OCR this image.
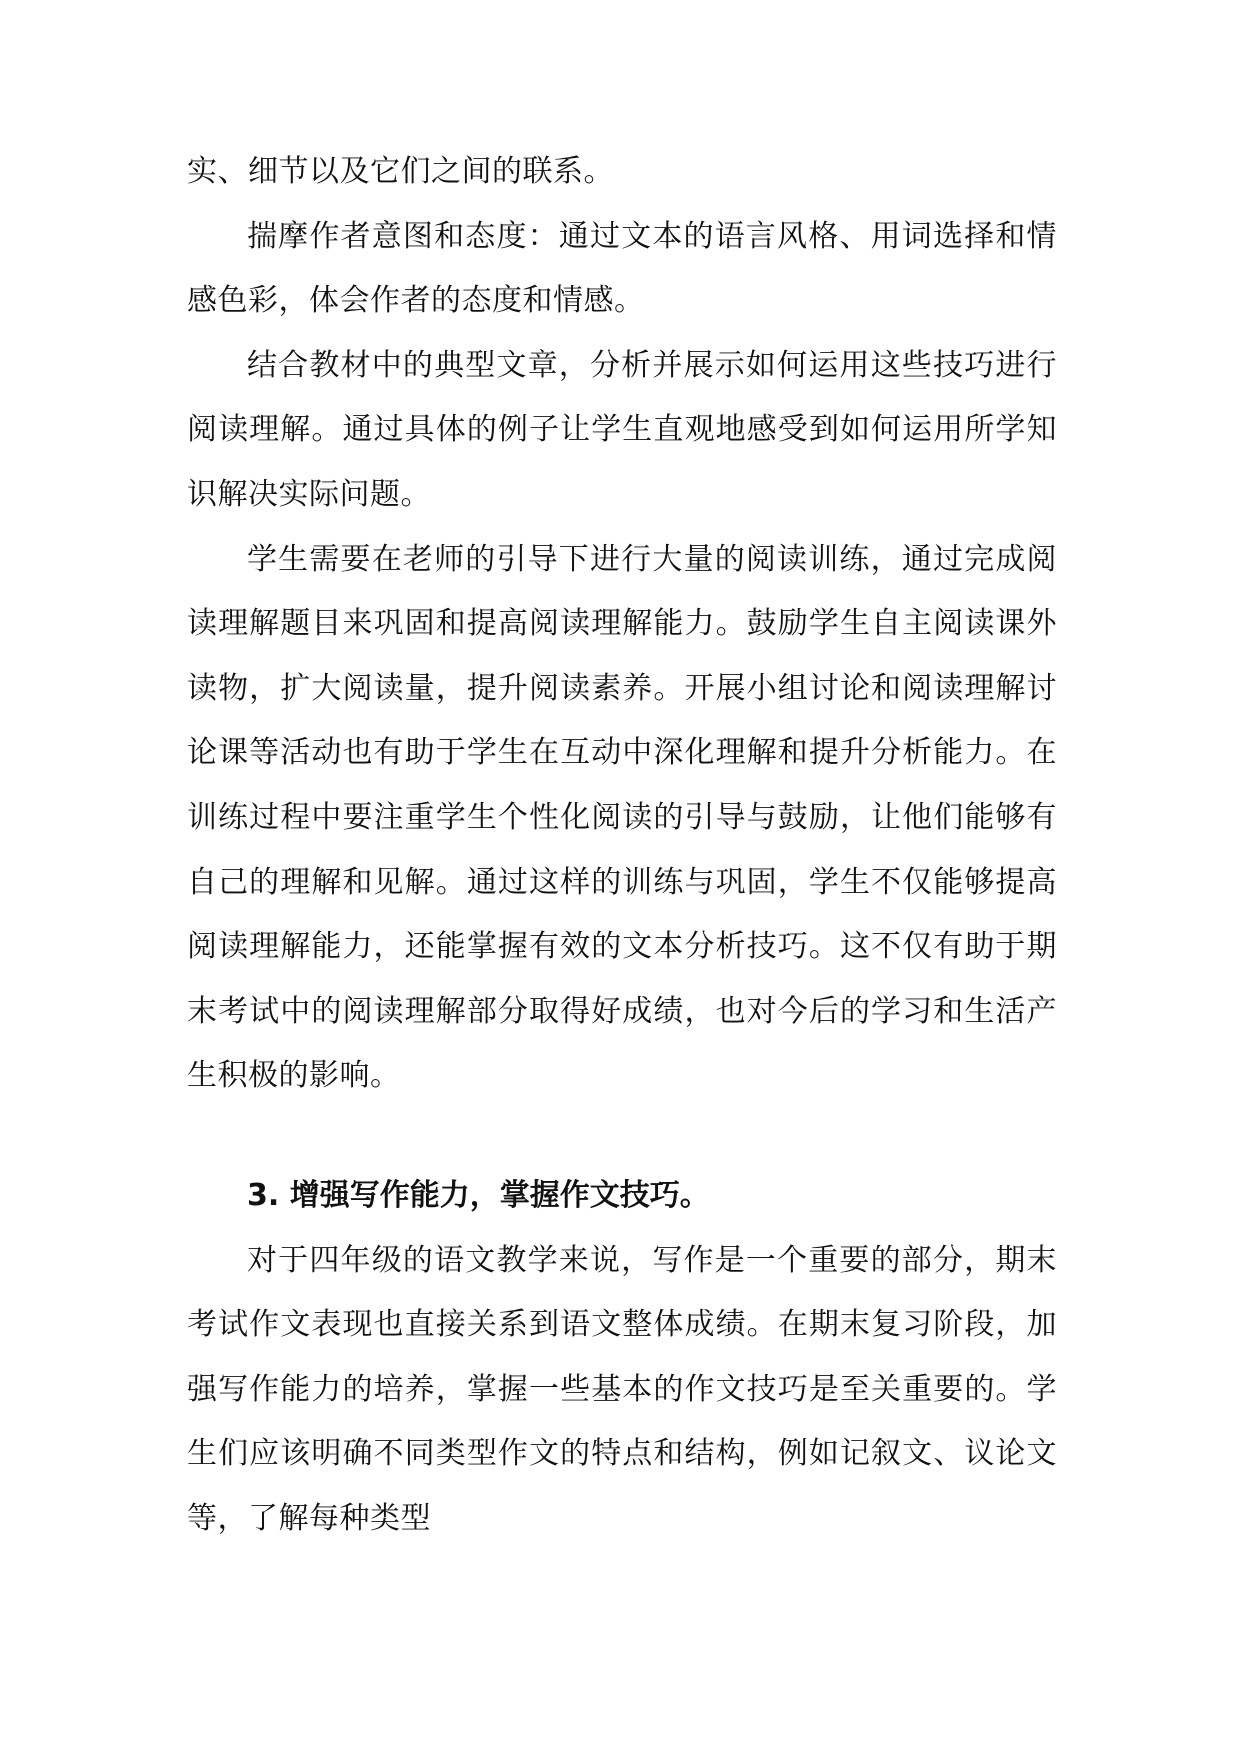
实、细节以及它们之间的联系。

揣摩作者意图和态度：通过文本的语言风格、用词选择和情感色彩，体会作者的态度和情感。

结合教材中的典型文章，分析并展示如何运用这些技巧进行阅读理解。通过具体的例子让学生直观地感受到如何运用所学知识解决实际问题。

学生需要在老师的引导下进行大量的阅读训练，通过完成阅读理解题目来巩固和提高阅读理解能力。鼓励学生自主阅读课外读物，扩大阅读量，提升阅读素养。开展小组讨论和阅读理解讨论课等活动也有助于学生在互动中深化理解和提升分析能力。在训练过程中要注重学生个性化阅读的引导与鼓励，让他们能够有自己的理解和见解。通过这样的训练与巩固，学生不仅能够提高阅读理解能力，还能掌握有效的文本分析技巧。这不仅有助于期末考试中的阅读理解部分取得好成绩，也对今后的学习和生活产生积极的影响。

3. 增强写作能力，掌握作文技巧。

对于四年级的语文教学来说，写作是一个重要的部分，期末考试作文表现也直接关系到语文整体成绩。在期末复习阶段，加强写作能力的培养，掌握一些基本的作文技巧是至关重要的。学生们应该明确不同类型作文的特点和结构，例如记叙文、议论文等，了解每种类型
